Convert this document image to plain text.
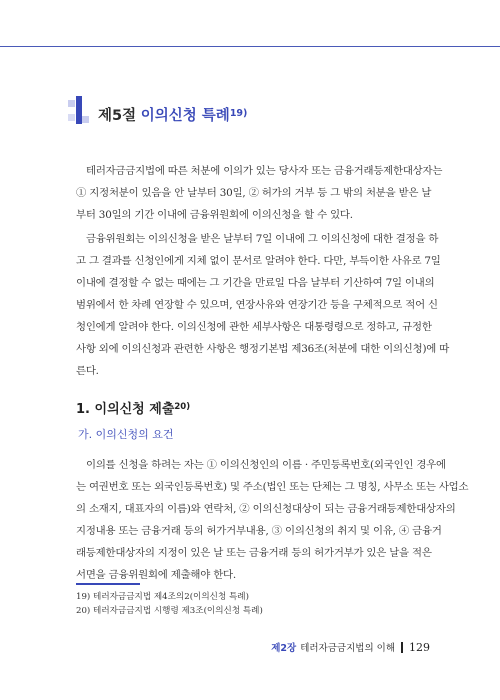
제5절 이의신청 특례$^{19)}$
테러자금금지법에 따른 처분에 이의가 있는 당사자 또는 금융거래등제한대상자는
① 지정처분이 있음을 안 날부터 30일, ② 허가의 거부 등 그 밖의 처분을 받은 날
부터 30일의 기간 이내에 금융위원회에 이의신청을 할 수 있다.
금융위원회는 이의신청을 받은 날부터 7일 이내에 그 이의신청에 대한 결정을 하
고 그 결과를 신청인에게 지체 없이 문서로 알려야 한다. 다만, 부득이한 사유로 7일
이내에 결정할 수 없는 때에는 그 기간을 만료일 다음 날부터 기산하여 7일 이내의
범위에서 한 차례 연장할 수 있으며, 연장사유와 연장기간 등을 구체적으로 적어 신
청인에게 알려야 한다. 이의신청에 관한 세부사항은 대통령령으로 정하고, 규정한
사항 외에 이의신청과 관련한 사항은 행정기본법 제36조(처분에 대한 이의신청)에 따
른다.
1. 이의신청 제출$^{20)}$
가. 이의신청의 요건
이의를 신청을 하려는 자는 ① 이의신청인의 이름 · 주민등록번호(외국인인 경우에
는 여권번호 또는 외국인등록번호) 및 주소(법인 또는 단체는 그 명칭, 사무소 또는 사업소
의 소재지, 대표자의 이름)와 연락처, ② 이의신청대상이 되는 금융거래등제한대상자의
지정내용 또는 금융거래 등의 허가거부내용, ③ 이의신청의 취지 및 이유, ④ 금융거
래등제한대상자의 지정이 있은 날 또는 금융거래 등의 허가거부가 있은 날을 적은
서면을 금융위원회에 제출해야 한다.
19) 테러자금금지법 제4조의2(이의신청 특례)
20) 테러자금금지법 시행령 제3조(이의신청 특례)
제2장 테러자금금지법의 이해 129
